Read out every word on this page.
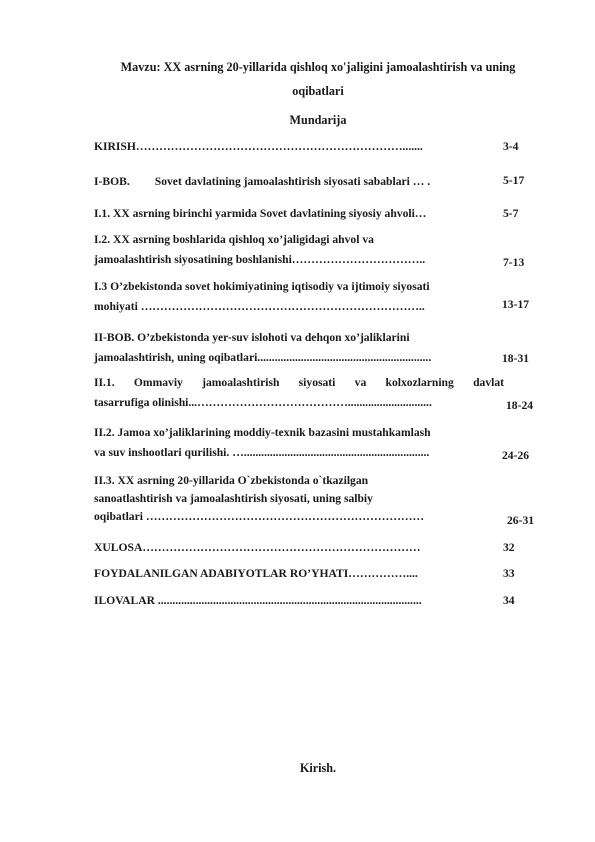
Mavzu: XX asrning 20-yillarida qishloq xo'jaligini jamoalashtirish va uning
oqibatlari
Mundarija
KIRISH…………………………………………………………….......	3-4
I-BOB. Sovet davlatining jamoalashtirish siyosati sabablari … .	5-17
I.1. XX asrning birinchi yarmida Sovet davlatining siyosiy ahvoli…	5-7
I.2. XX asrning boshlarida qishloq xo’jaligidagi ahvol va
jamoalashtirish siyosatining boshlanishi……………………………..	7-13
I.3 O’zbekistonda sovet hokimiyatining iqtisodiy va ijtimoiy siyosati
mohiyati ………………………………………………………………..	13-17
II-BOB. O’zbekistonda yer-suv islohoti va dehqon xo’jaliklarini
jamoalashtirish, uning oqibatlari............................................................	18-31
II.1. Ommaviy jamoalashtirish siyosati va kolxozlarning davlat
tasarrufiga olinishi...………………………………….............................	18-24
II.2. Jamoa xo’jaliklarining moddiy-texnik bazasini mustahkamlash
va suv inshootlari qurilishi. …................................................................	24-26
II.3. XX asrning 20-yillarida O`zbekistonda o`tkazilgan
sanoatlashtirish va jamoalashtirish siyosati, uning salbiy
oqibatlari ………………………………………………………………	26-31
XULOSA………………………………………………………………	32
FOYDALANILGAN ADABIYOTLAR RO’YHATI……………....	33
ILOVALAR ...........................................................................................	34
Kirish.
